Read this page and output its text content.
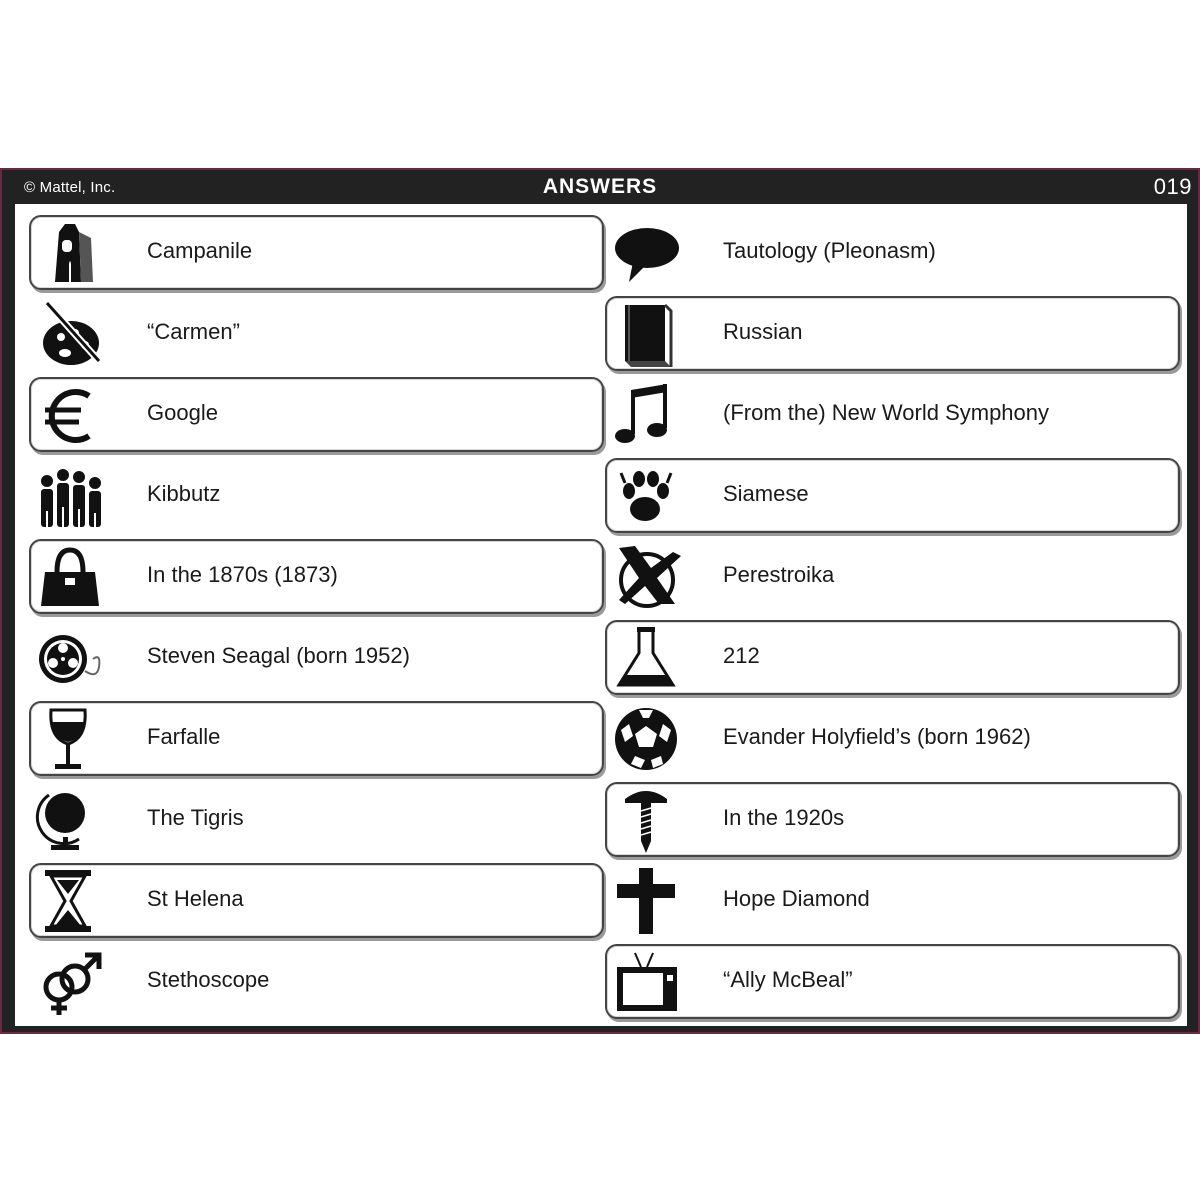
© Mattel, Inc.	ANSWERS	019
Campanile
“Carmen”
Google
Kibbutz
In the 1870s (1873)
Steven Seagal (born 1952)
Farfalle
The Tigris
St Helena
Stethoscope
Tautology (Pleonasm)
Russian
(From the) New World Symphony
Siamese
Perestroika
212
Evander Holyfield’s (born 1962)
In the 1920s
Hope Diamond
“Ally McBeal”
